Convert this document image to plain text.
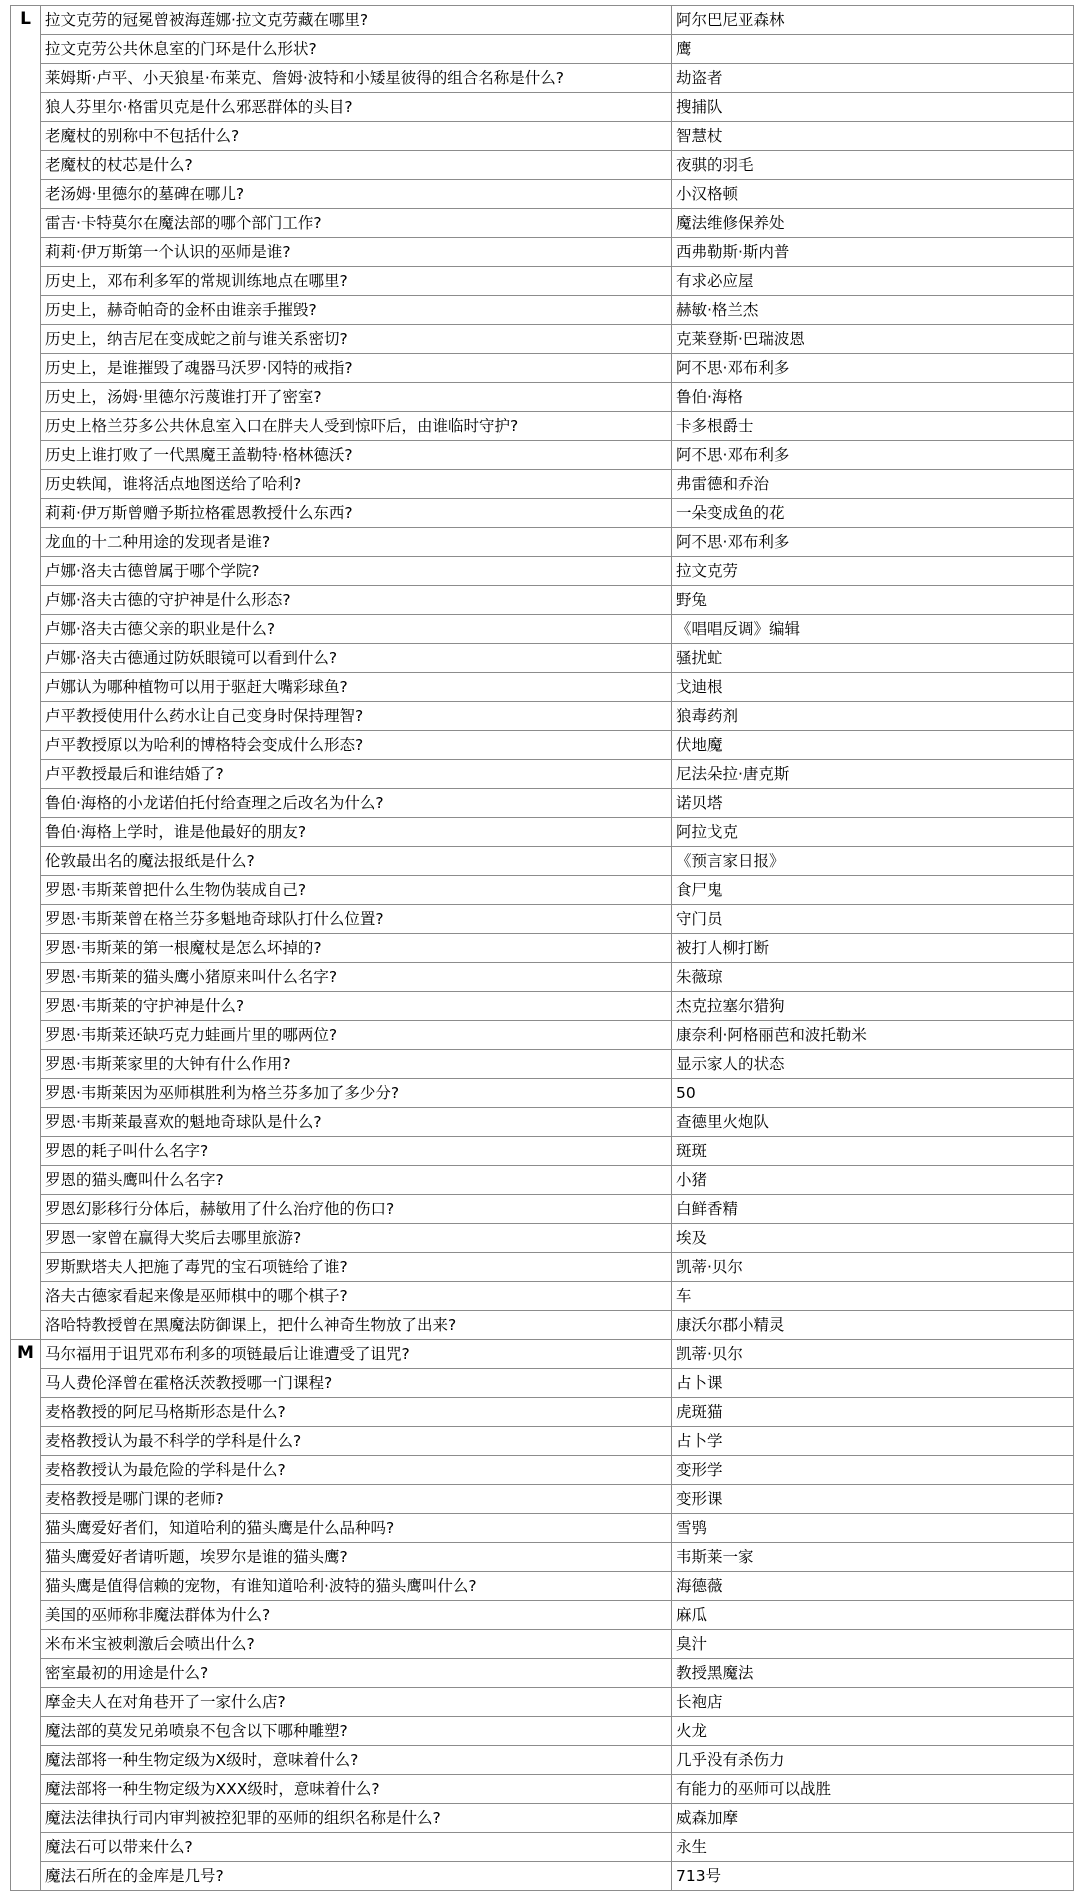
L	拉文克劳的冠冕曾被海莲娜·拉文克劳藏在哪里?	阿尔巴尼亚森林
	拉文克劳公共休息室的门环是什么形状?	鹰
	莱姆斯·卢平、小天狼星·布莱克、詹姆·波特和小矮星彼得的组合名称是什么?	劫盗者
	狼人芬里尔·格雷贝克是什么邪恶群体的头目?	搜捕队
	老魔杖的别称中不包括什么?	智慧杖
	老魔杖的杖芯是什么?	夜骐的羽毛
	老汤姆·里德尔的墓碑在哪儿?	小汉格顿
	雷吉·卡特莫尔在魔法部的哪个部门工作?	魔法维修保养处
	莉莉·伊万斯第一个认识的巫师是谁?	西弗勒斯·斯内普
	历史上，邓布利多军的常规训练地点在哪里?	有求必应屋
	历史上，赫奇帕奇的金杯由谁亲手摧毁?	赫敏·格兰杰
	历史上，纳吉尼在变成蛇之前与谁关系密切?	克莱登斯·巴瑞波恩
	历史上，是谁摧毁了魂器马沃罗·冈特的戒指?	阿不思·邓布利多
	历史上，汤姆·里德尔污蔑谁打开了密室?	鲁伯·海格
	历史上格兰芬多公共休息室入口在胖夫人受到惊吓后，由谁临时守护?	卡多根爵士
	历史上谁打败了一代黑魔王盖勒特·格林德沃?	阿不思·邓布利多
	历史轶闻，谁将活点地图送给了哈利?	弗雷德和乔治
	莉莉·伊万斯曾赠予斯拉格霍恩教授什么东西?	一朵变成鱼的花
	龙血的十二种用途的发现者是谁?	阿不思·邓布利多
	卢娜·洛夫古德曾属于哪个学院?	拉文克劳
	卢娜·洛夫古德的守护神是什么形态?	野兔
	卢娜·洛夫古德父亲的职业是什么?	《唱唱反调》编辑
	卢娜·洛夫古德通过防妖眼镜可以看到什么?	骚扰虻
	卢娜认为哪种植物可以用于驱赶大嘴彩球鱼?	戈迪根
	卢平教授使用什么药水让自己变身时保持理智?	狼毒药剂
	卢平教授原以为哈利的博格特会变成什么形态?	伏地魔
	卢平教授最后和谁结婚了?	尼法朵拉·唐克斯
	鲁伯·海格的小龙诺伯托付给查理之后改名为什么?	诺贝塔
	鲁伯·海格上学时，谁是他最好的朋友?	阿拉戈克
	伦敦最出名的魔法报纸是什么?	《预言家日报》
	罗恩·韦斯莱曾把什么生物伪装成自己?	食尸鬼
	罗恩·韦斯莱曾在格兰芬多魁地奇球队打什么位置?	守门员
	罗恩·韦斯莱的第一根魔杖是怎么坏掉的?	被打人柳打断
	罗恩·韦斯莱的猫头鹰小猪原来叫什么名字?	朱薇琼
	罗恩·韦斯莱的守护神是什么?	杰克拉塞尔猎狗
	罗恩·韦斯莱还缺巧克力蛙画片里的哪两位?	康奈利·阿格丽芭和波托勒米
	罗恩·韦斯莱家里的大钟有什么作用?	显示家人的状态
	罗恩·韦斯莱因为巫师棋胜利为格兰芬多加了多少分?	50
	罗恩·韦斯莱最喜欢的魁地奇球队是什么?	查德里火炮队
	罗恩的耗子叫什么名字?	斑斑
	罗恩的猫头鹰叫什么名字?	小猪
	罗恩幻影移行分体后，赫敏用了什么治疗他的伤口?	白鲜香精
	罗恩一家曾在赢得大奖后去哪里旅游?	埃及
	罗斯默塔夫人把施了毒咒的宝石项链给了谁?	凯蒂·贝尔
	洛夫古德家看起来像是巫师棋中的哪个棋子?	车
	洛哈特教授曾在黑魔法防御课上，把什么神奇生物放了出来?	康沃尔郡小精灵
M	马尔福用于诅咒邓布利多的项链最后让谁遭受了诅咒?	凯蒂·贝尔
	马人费伦泽曾在霍格沃茨教授哪一门课程?	占卜课
	麦格教授的阿尼马格斯形态是什么?	虎斑猫
	麦格教授认为最不科学的学科是什么?	占卜学
	麦格教授认为最危险的学科是什么?	变形学
	麦格教授是哪门课的老师?	变形课
	猫头鹰爱好者们，知道哈利的猫头鹰是什么品种吗?	雪鸮
	猫头鹰爱好者请听题，埃罗尔是谁的猫头鹰?	韦斯莱一家
	猫头鹰是值得信赖的宠物，有谁知道哈利·波特的猫头鹰叫什么?	海德薇
	美国的巫师称非魔法群体为什么?	麻瓜
	米布米宝被刺激后会喷出什么?	臭汁
	密室最初的用途是什么?	教授黑魔法
	摩金夫人在对角巷开了一家什么店?	长袍店
	魔法部的莫发兄弟喷泉不包含以下哪种雕塑?	火龙
	魔法部将一种生物定级为X级时，意味着什么?	几乎没有杀伤力
	魔法部将一种生物定级为XXX级时，意味着什么?	有能力的巫师可以战胜
	魔法法律执行司内审判被控犯罪的巫师的组织名称是什么?	威森加摩
	魔法石可以带来什么?	永生
	魔法石所在的金库是几号?	713号
